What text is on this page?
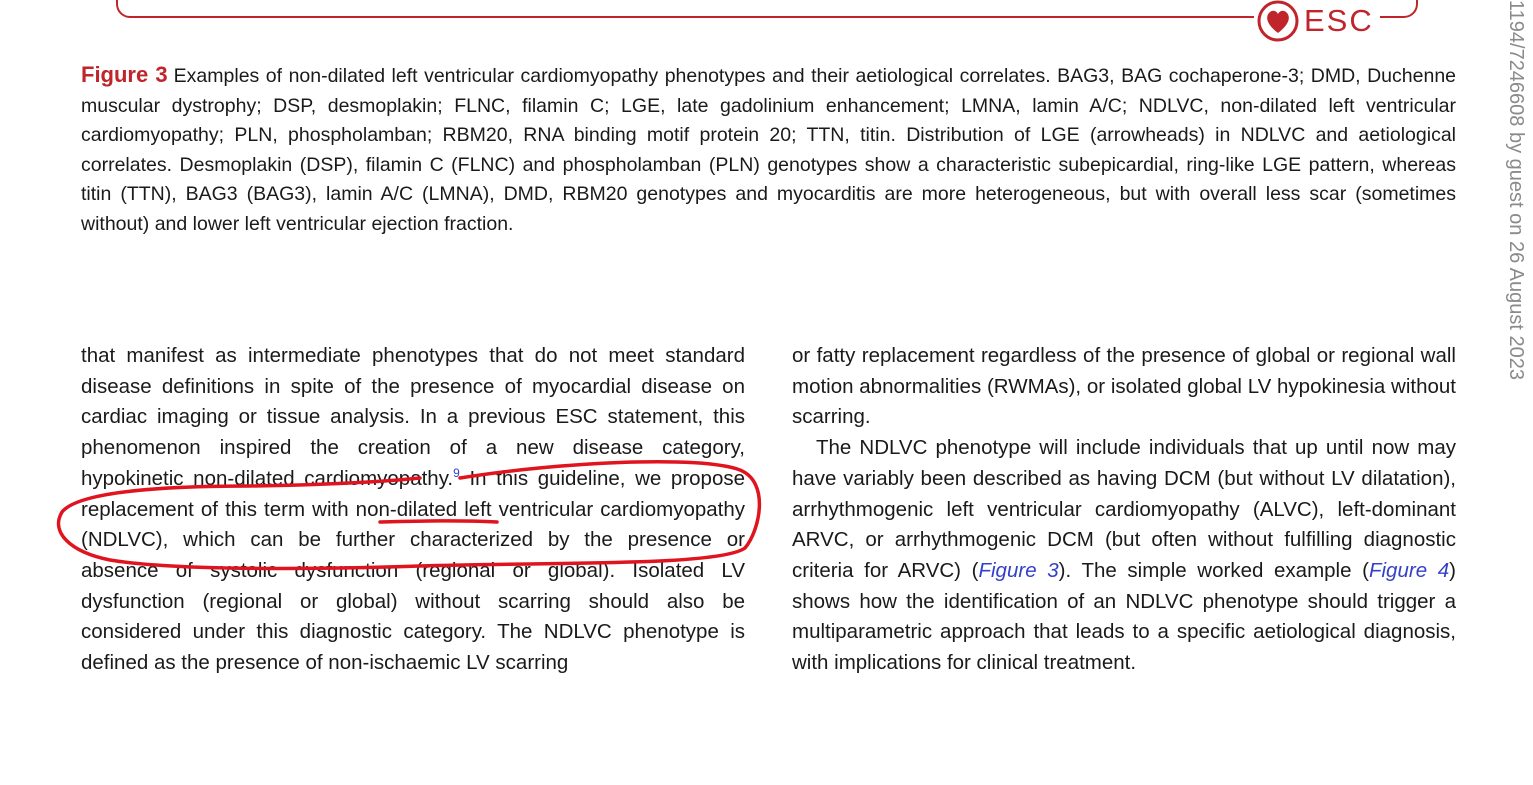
ESC
Figure 3 Examples of non-dilated left ventricular cardiomyopathy phenotypes and their aetiological correlates. BAG3, BAG cochaperone-3; DMD, Duchenne muscular dystrophy; DSP, desmoplakin; FLNC, filamin C; LGE, late gadolinium enhancement; LMNA, lamin A/C; NDLVC, non-dilated left ventricular cardiomyopathy; PLN, phospholamban; RBM20, RNA binding motif protein 20; TTN, titin. Distribution of LGE (arrowheads) in NDLVC and aetiological correlates. Desmoplakin (DSP), filamin C (FLNC) and phospholamban (PLN) genotypes show a characteristic subepicardial, ring-like LGE pattern, whereas titin (TTN), BAG3 (BAG3), lamin A/C (LMNA), DMD, RBM20 genotypes and myocarditis are more heterogeneous, but with overall less scar (sometimes without) and lower left ventricular ejection fraction.

that manifest as intermediate phenotypes that do not meet standard disease definitions in spite of the presence of myocardial disease on cardiac imaging or tissue analysis. In a previous ESC statement, this phenomenon inspired the creation of a new disease category, hypokinetic non-dilated cardiomyopathy.$^9$ In this guideline, we propose replacement of this term with non-dilated left ventricular cardiomyopathy (NDLVC), which can be further characterized by the presence or absence of systolic dysfunction (regional or global). Isolated LV dysfunction (regional or global) without scarring should also be considered under this diagnostic category. The NDLVC phenotype is defined as the presence of non-ischaemic LV scarring

or fatty replacement regardless of the presence of global or regional wall motion abnormalities (RWMAs), or isolated global LV hypokinesia without scarring.

The NDLVC phenotype will include individuals that up until now may have variably been described as having DCM (but without LV dilatation), arrhythmogenic left ventricular cardiomyopathy (ALVC), left-dominant ARVC, or arrhythmogenic DCM (but often without fulfilling diagnostic criteria for ARVC) (Figure 3). The simple worked example (Figure 4) shows how the identification of an NDLVC phenotype should trigger a multiparametric approach that leads to a specific aetiological diagnosis, with implications for clinical treatment.

1194/7246608 by guest on 26 August 2023
